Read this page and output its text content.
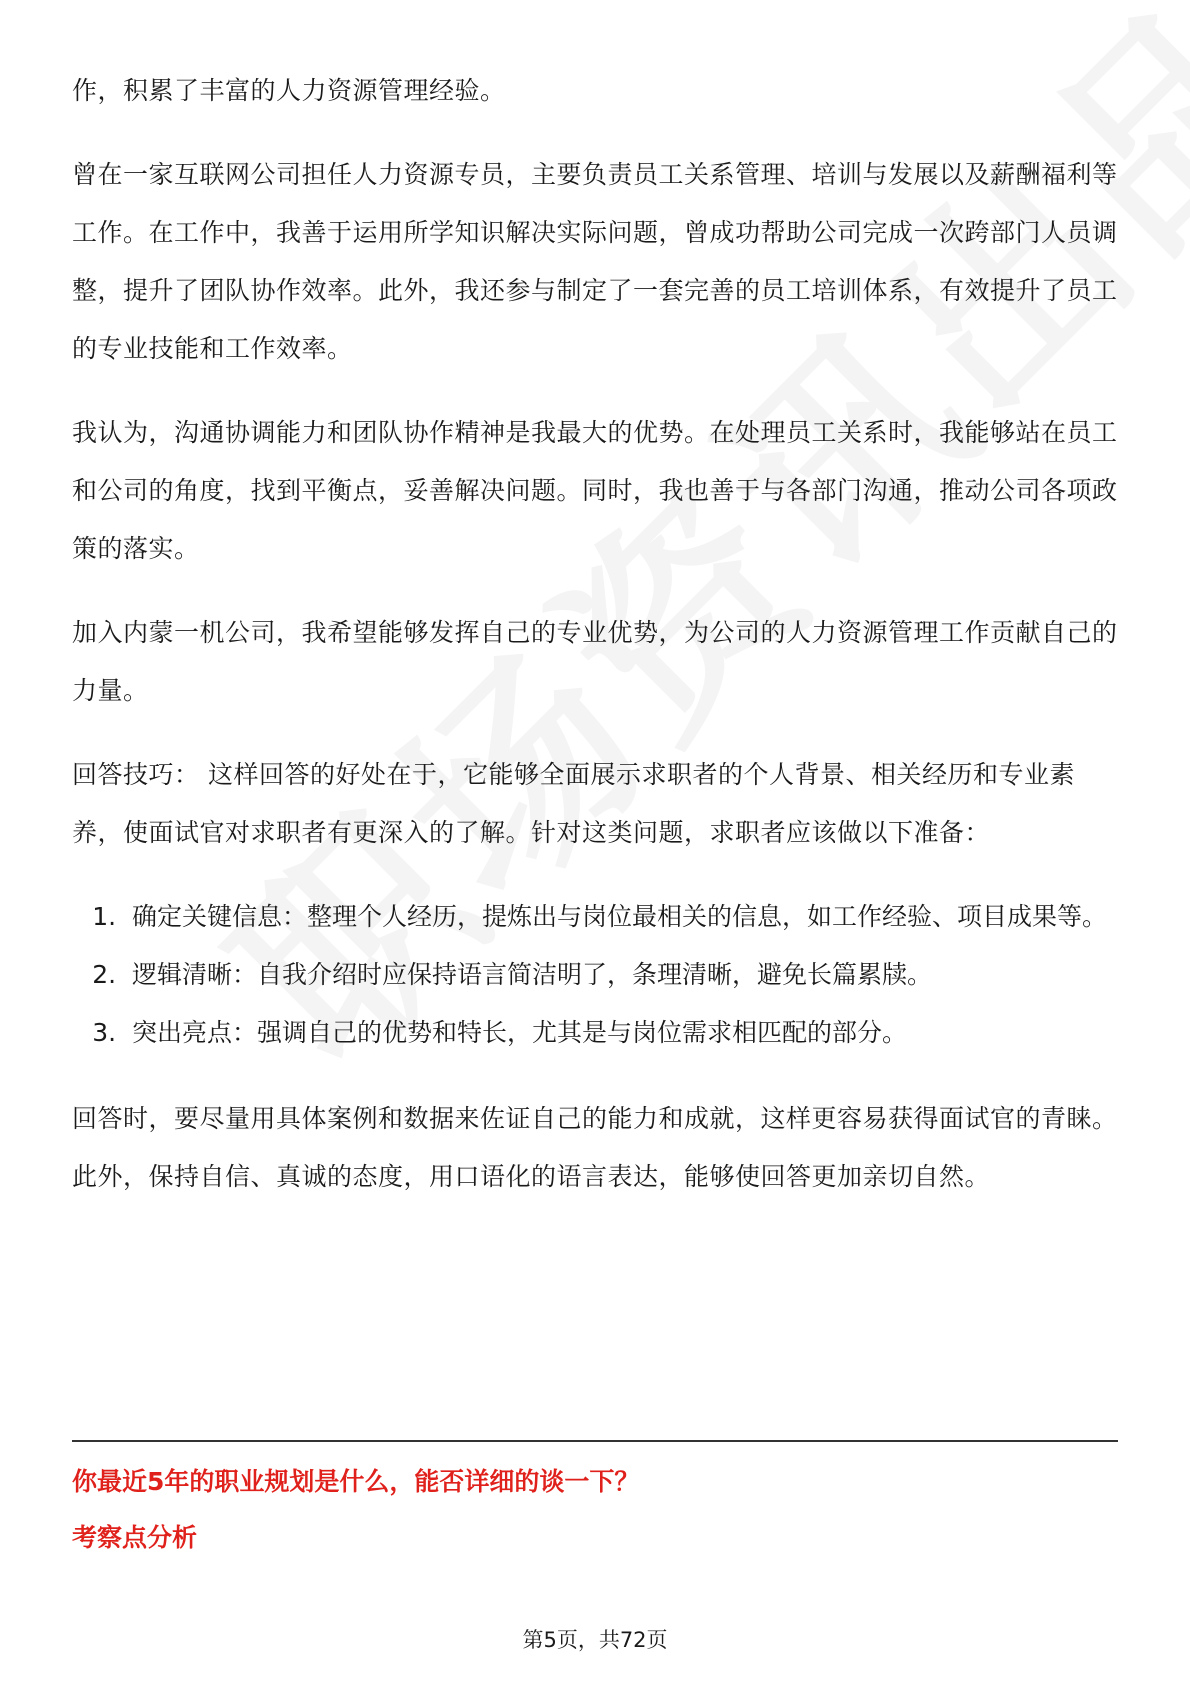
作，积累了丰富的人力资源管理经验。

曾在一家互联网公司担任人力资源专员，主要负责员工关系管理、培训与发展以及薪酬福利等工作。在工作中，我善于运用所学知识解决实际问题，曾成功帮助公司完成一次跨部门人员调整，提升了团队协作效率。此外，我还参与制定了一套完善的员工培训体系，有效提升了员工的专业技能和工作效率。

我认为，沟通协调能力和团队协作精神是我最大的优势。在处理员工关系时，我能够站在员工和公司的角度，找到平衡点，妥善解决问题。同时，我也善于与各部门沟通，推动公司各项政策的落实。

加入内蒙一机公司，我希望能够发挥自己的专业优势，为公司的人力资源管理工作贡献自己的力量。

回答技巧： 这样回答的好处在于，它能够全面展示求职者的个人背景、相关经历和专业素养，使面试官对求职者有更深入的了解。针对这类问题，求职者应该做以下准备：

1. 确定关键信息：整理个人经历，提炼出与岗位最相关的信息，如工作经验、项目成果等。
2. 逻辑清晰：自我介绍时应保持语言简洁明了，条理清晰，避免长篇累牍。
3. 突出亮点：强调自己的优势和特长，尤其是与岗位需求相匹配的部分。

回答时，要尽量用具体案例和数据来佐证自己的能力和成就，这样更容易获得面试官的青睐。此外，保持自信、真诚的态度，用口语化的语言表达，能够使回答更加亲切自然。

你最近5年的职业规划是什么，能否详细的谈一下？
考察点分析
第5页，共72页
